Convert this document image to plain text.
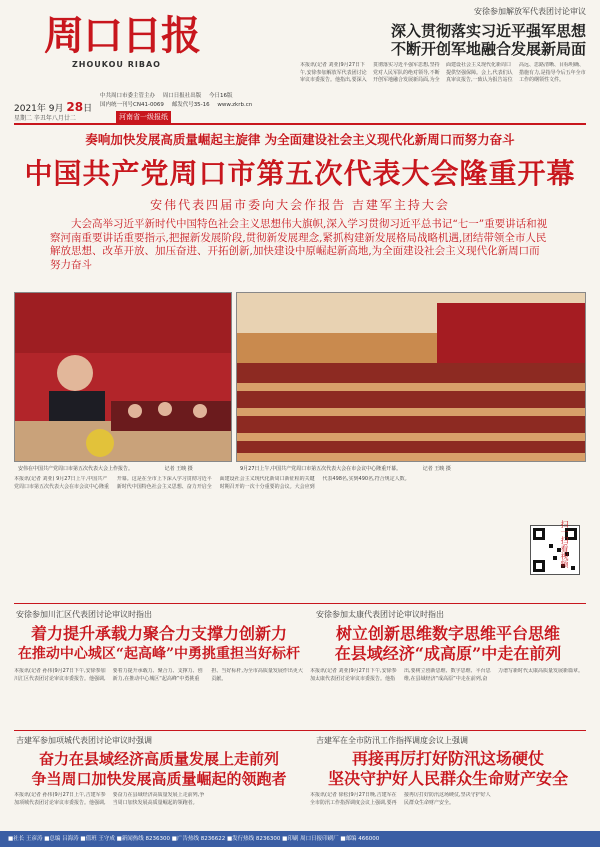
周口日报
ZHOUKOU RIBAO
2021年 9月 28日
星期二 辛丑年八月廿二
中共周口市委主管主办 周口日报社出版 今日16版
国内统一刊号CN41-0069 邮发代号35-16 www.zkrb.cn
河南省一级报纸
安徐参加解放军代表团讨论审议
深入贯彻落实习近平强军思想
不断开创军地融合发展新局面
本报讯(记者 刘亚)9月27日下午,安徐参加解放军代表团讨论审议市委报告。他指出,要深入贯彻落实习近平强军思想,坚持党对人民军队的绝对领导,不断开创军地融合发展新局面,为全面建设社会主义现代化新周口提供坚强保障。会上,代表们认真审议报告,一致认为报告站位高远、思路清晰、目标明确、措施有力,是指导今后五年全市工作的纲领性文件。
奏响加快发展高质量崛起主旋律 为全面建设社会主义现代化新周口而努力奋斗
中国共产党周口市第五次代表大会隆重开幕
安伟代表四届市委向大会作报告 吉建军主持大会
大会高举习近平新时代中国特色社会主义思想伟大旗帜,深入学习贯彻习近平总书记“七一”重要讲话和视察河南重要讲话重要指示,把握新发展阶段,贯彻新发展理念,紧抓构建新发展格局战略机遇,团结带领全市人民解放思想、改革开放、加压奋进、开拓创新,加快建设中原崛起新高地,为全面建设社会主义现代化新周口而努力奋斗
安伟在中国共产党周口市第五次代表大会上作报告。	记者 王映 摄	9月27日上午,中国共产党周口市第五次代表大会在市会议中心隆重开幕。	记者 王映 摄
本报讯(记者 刘亚) 9月27日上午,中国共产党周口市第五次代表大会在市会议中心隆重开幕。这是在全市上下深入学习贯彻习近平新时代中国特色社会主义思想、奋力开启全面建设社会主义现代化新周口新征程的关键时期召开的一次十分重要的会议。大会应到代表498名,实到490名,符合规定人数。
扫一扫看视频
安徐参加川汇区代表团讨论审议时指出
着力提升承载力聚合力支撑力创新力
在推动中心城区“起高峰”中勇挑重担当好标杆
本报讯(记者 孙伟)9月27日下午,安徐参加川汇区代表团讨论审议市委报告。他强调,要着力提升承载力、聚合力、支撑力、创新力,在推动中心城区“起高峰”中勇挑重担、当好标杆,为全市高质量发展作出更大贡献。
安徐参加太康代表团讨论审议时指出
树立创新思维数字思维平台思维
在县域经济“成高原”中走在前列
本报讯(记者 刘亚)9月27日下午,安徐参加太康代表团讨论审议市委报告。他指出,要树立创新思维、数字思维、平台思维,在县域经济“成高原”中走在前列,奋力谱写新时代太康高质量发展新篇章。
吉建军参加项城代表团讨论审议时强调
奋力在县域经济高质量发展上走前列
争当周口加快发展高质量崛起的领跑者
本报讯(记者 孙伟)9月27日上午,吉建军参加项城代表团讨论审议市委报告。他强调,要奋力在县域经济高质量发展上走前列,争当周口加快发展高质量崛起的领跑者。
吉建军在全市防汛工作指挥调度会议上强调
再接再厉打好防汛这场硬仗
坚决守护好人民群众生命财产安全
本报讯(记者 徐松)9月27日晚,吉建军在全市防汛工作指挥调度会议上强调,要再接再厉打好防汛这场硬仗,坚决守护好人民群众生命财产安全。
■社长 王彦涛 ■总编 吕海涛 ■值班 王守成 ■新闻热线 8236300 ■广告热线 8236622 ■发行热线 8236300 ■印刷 周口日报印刷厂 ■邮编 466000
